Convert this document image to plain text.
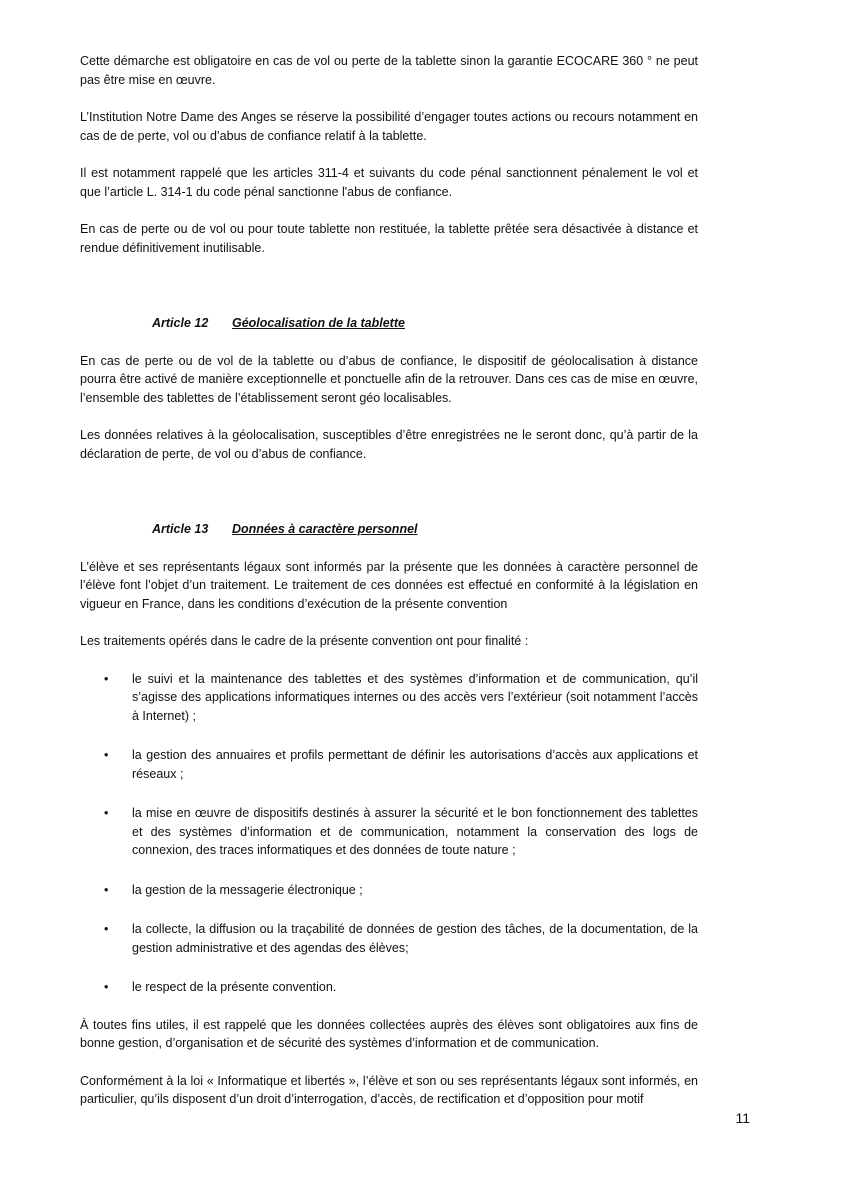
Cette démarche est obligatoire en cas de vol ou perte de la tablette sinon la garantie ECOCARE 360 ° ne peut pas être mise en œuvre.

L’Institution Notre Dame des Anges se réserve la possibilité d’engager toutes actions ou recours notamment en cas de de perte, vol ou d’abus de confiance relatif à la tablette.

Il est notamment rappelé que les articles 311-4 et suivants du code pénal sanctionnent pénalement le vol et que l’article L. 314-1 du code pénal sanctionne l'abus de confiance.

En cas de perte ou de vol ou pour toute tablette non restituée, la tablette prêtée sera désactivée à distance et rendue définitivement inutilisable.

Article 12	Géolocalisation de la tablette

En cas de perte ou de vol de la tablette ou d’abus de confiance, le dispositif de géolocalisation à distance pourra être activé de manière exceptionnelle et ponctuelle afin de la retrouver. Dans ces cas de mise en œuvre, l’ensemble des tablettes de l’établissement seront géo localisables.

Les données relatives à la géolocalisation, susceptibles d’être enregistrées ne le seront donc, qu’à partir de la déclaration de perte, de vol ou d’abus de confiance.

Article 13	Données à caractère personnel

L’élève et ses représentants légaux sont informés par la présente que les données à caractère personnel de l’élève font l’objet d’un traitement. Le traitement de ces données est effectué en conformité à la législation en vigueur en France, dans les conditions d’exécution de la présente convention

Les traitements opérés dans le cadre de la présente convention ont pour finalité :

• le suivi et la maintenance des tablettes et des systèmes d’information et de communication, qu’il s’agisse des applications informatiques internes ou des accès vers l’extérieur (soit notamment l’accès à Internet) ;
• la gestion des annuaires et profils permettant de définir les autorisations d’accès aux applications et réseaux ;
• la mise en œuvre de dispositifs destinés à assurer la sécurité et le bon fonctionnement des tablettes et des systèmes d’information et de communication, notamment la conservation des logs de connexion, des traces informatiques et des données de toute nature ;
• la gestion de la messagerie électronique ;
• la collecte, la diffusion ou la traçabilité de données de gestion des tâches, de la documentation, de la gestion administrative et des agendas des élèves;
• le respect de la présente convention.

À toutes fins utiles, il est rappelé que les données collectées auprès des élèves sont obligatoires aux fins de bonne gestion, d’organisation et de sécurité des systèmes d’information et de communication.

Conformément à la loi « Informatique et libertés », l’élève et son ou ses représentants légaux sont informés, en particulier, qu’ils disposent d’un droit d’interrogation, d’accès, de rectification et d’opposition pour motif

11
